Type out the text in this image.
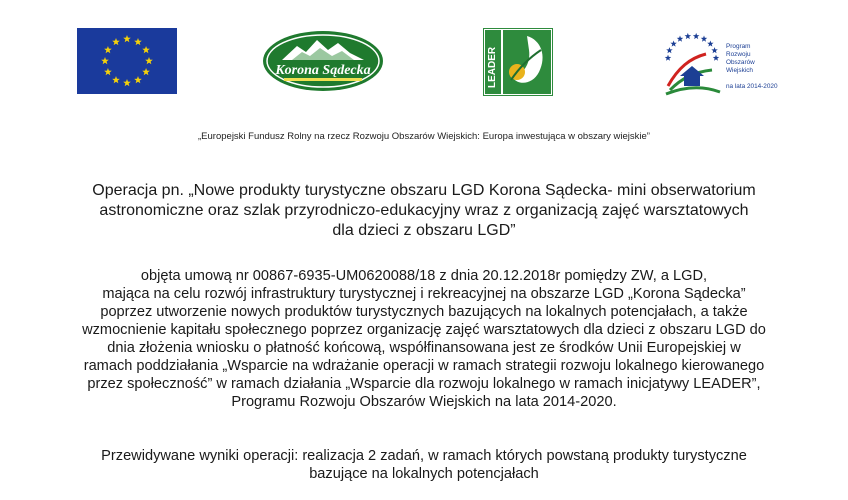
Korona Sądecka	LEADER
Program
Rozwoju
Obszarów
Wiejskich
na lata 2014-2020
„Europejski Fundusz Rolny na rzecz Rozwoju Obszarów Wiejskich: Europa inwestująca w obszary wiejskie”
Operacja pn. „Nowe produkty turystyczne obszaru LGD Korona Sądecka- mini obserwatorium
astronomiczne oraz szlak przyrodniczo-edukacyjny wraz z organizacją zajęć warsztatowych
dla dzieci z obszaru LGD”
objęta umową nr 00867-6935-UM0620088/18 z dnia 20.12.2018r pomiędzy ZW, a LGD,
mająca na celu rozwój infrastruktury turystycznej i rekreacyjnej na obszarze LGD „Korona Sądecka”
poprzez utworzenie nowych produktów turystycznych bazujących na lokalnych potencjałach, a także
wzmocnienie kapitału społecznego poprzez organizację zajęć warsztatowych dla dzieci z obszaru LGD do
dnia złożenia wniosku o płatność końcową, współfinansowana jest ze środków Unii Europejskiej w
ramach poddziałania „Wsparcie na wdrażanie operacji w ramach strategii rozwoju lokalnego kierowanego
przez społeczność” w ramach działania „Wsparcie dla rozwoju lokalnego w ramach inicjatywy LEADER”,
Programu Rozwoju Obszarów Wiejskich na lata 2014-2020.
Przewidywane wyniki operacji: realizacja 2 zadań, w ramach których powstaną produkty turystyczne
bazujące na lokalnych potencjałach
